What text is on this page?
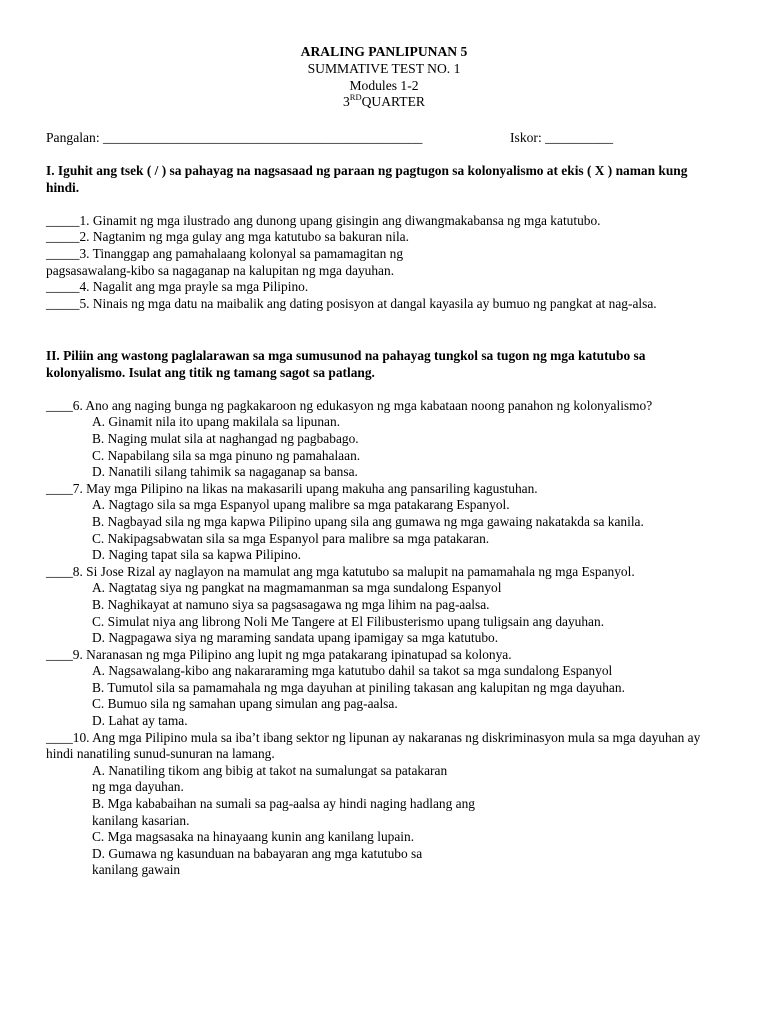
ARALING PANLIPUNAN 5
SUMMATIVE TEST NO. 1
Modules 1-2
3RDQUARTER
Pangalan: _______________________________________________	Iskor: __________
I. Iguhit ang tsek ( / ) sa pahayag na nagsasaad ng paraan ng pagtugon sa kolonyalismo at ekis ( X ) naman kung hindi.
_____1. Ginamit ng mga ilustrado ang dunong upang gisingin ang diwangmakabansa ng mga katutubo.
_____2. Nagtanim ng mga gulay ang mga katutubo sa bakuran nila.
_____3. Tinanggap ang pamahalaang kolonyal sa pamamagitan ng
pagsasawalang-kibo sa nagaganap na kalupitan ng mga dayuhan.
_____4. Nagalit ang mga prayle sa mga Pilipino.
_____5. Ninais ng mga datu na maibalik ang dating posisyon at dangal kayasila ay bumuo ng pangkat at nag-alsa.
II. Piliin ang wastong paglalarawan sa mga sumusunod na pahayag tungkol sa tugon ng mga katutubo sa kolonyalismo. Isulat ang titik ng tamang sagot sa patlang.
____6. Ano ang naging bunga ng pagkakaroon ng edukasyon ng mga kabataan noong panahon ng kolonyalismo?
A. Ginamit nila ito upang makilala sa lipunan.
B. Naging mulat sila at naghangad ng pagbabago.
C. Napabilang sila sa mga pinuno ng pamahalaan.
D. Nanatili silang tahimik sa nagaganap sa bansa.
____7. May mga Pilipino na likas na makasarili upang makuha ang pansariling kagustuhan.
A. Nagtago sila sa mga Espanyol upang malibre sa mga patakarang Espanyol.
B. Nagbayad sila ng mga kapwa Pilipino upang sila ang gumawa ng mga gawaing nakatakda sa kanila.
C. Nakipagsabwatan sila sa mga Espanyol para malibre sa mga patakaran.
D. Naging tapat sila sa kapwa Pilipino.
____8. Si Jose Rizal ay naglayon na mamulat ang mga katutubo sa malupit na pamamahala ng mga Espanyol.
A. Nagtatag siya ng pangkat na magmamanman sa mga sundalong Espanyol
B. Naghikayat at namuno siya sa pagsasagawa ng mga lihim na pag-aalsa.
C. Simulat niya ang librong Noli Me Tangere at El Filibusterismo upang tuligsain ang dayuhan.
D. Nagpagawa siya ng maraming sandata upang ipamigay sa mga katutubo.
____9. Naranasan ng mga Pilipino ang lupit ng mga patakarang ipinatupad sa kolonya.
A. Nagsawalang-kibo ang nakararaming mga katutubo dahil sa takot sa mga sundalong Espanyol
B. Tumutol sila sa pamamahala ng mga dayuhan at piniling takasan ang kalupitan ng mga dayuhan.
C. Bumuo sila ng samahan upang simulan ang pag-aalsa.
D. Lahat ay tama.
____10. Ang mga Pilipino mula sa iba’t ibang sektor ng lipunan ay nakaranas ng diskriminasyon mula sa mga dayuhan ay hindi nanatiling sunud-sunuran na lamang.
A. Nanatiling tikom ang bibig at takot na sumalungat sa patakaran
ng mga dayuhan.
B. Mga kababaihan na sumali sa pag-aalsa ay hindi naging hadlang ang
kanilang kasarian.
C. Mga magsasaka na hinayaang kunin ang kanilang lupain.
D. Gumawa ng kasunduan na babayaran ang mga katutubo sa
kanilang gawain
